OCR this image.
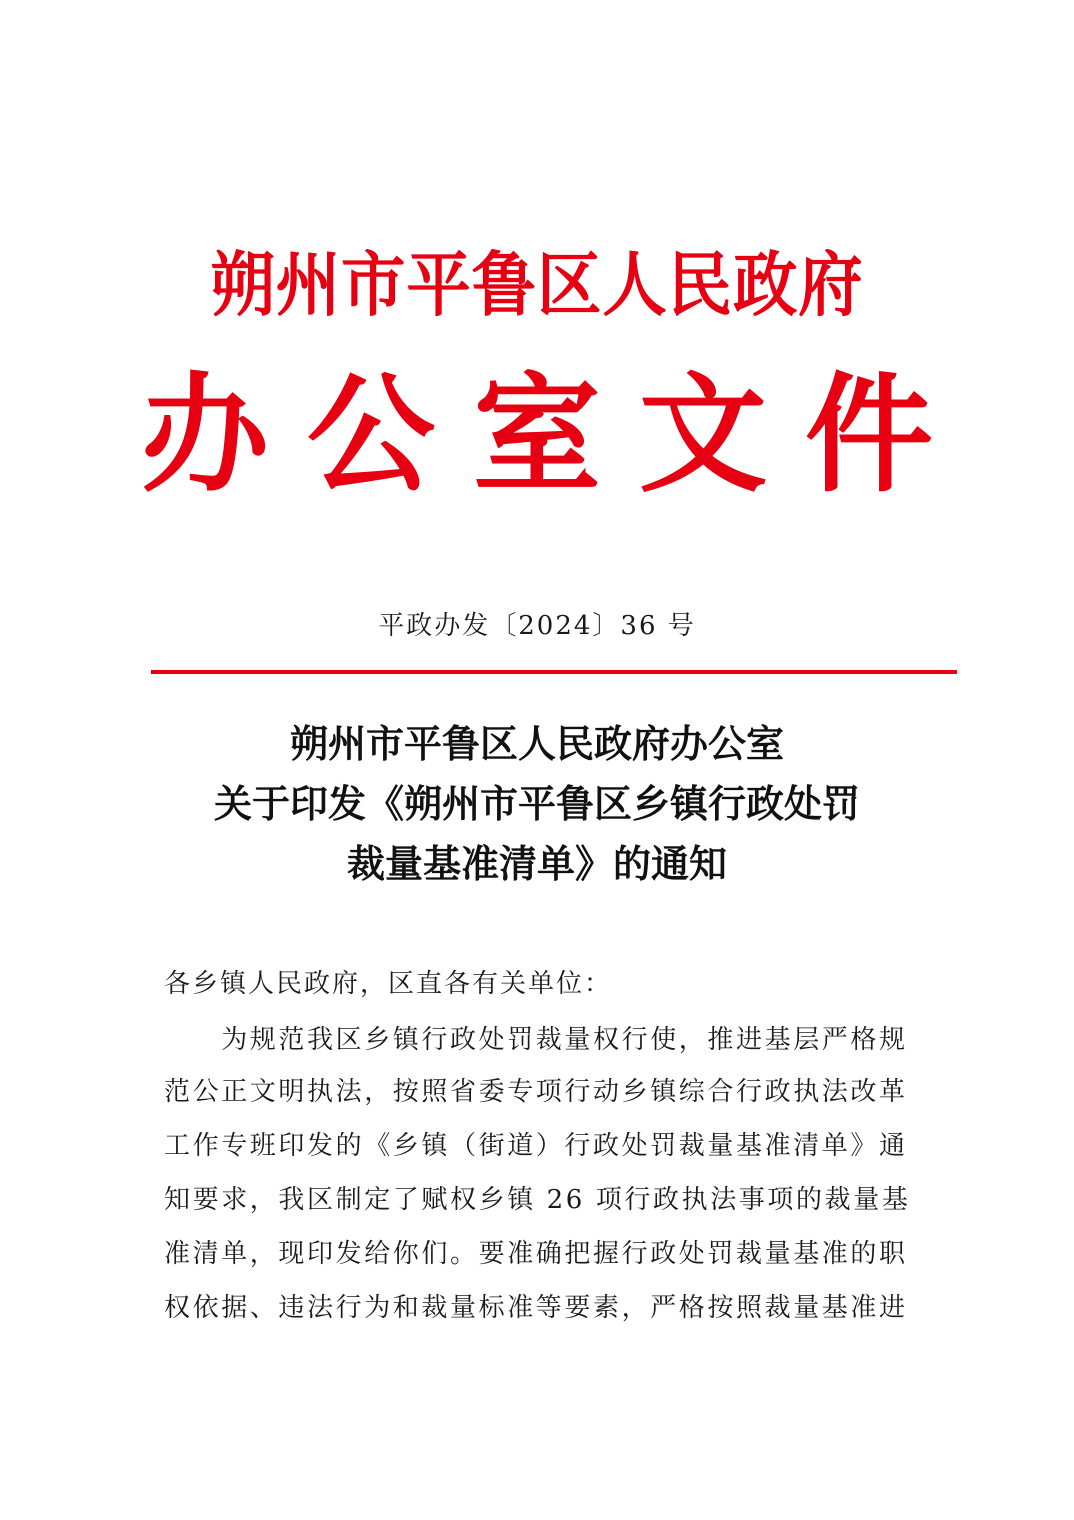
朔州市平鲁区人民政府
办公室文件
平政办发〔2024〕36 号
朔州市平鲁区人民政府办公室
关于印发《朔州市平鲁区乡镇行政处罚
裁量基准清单》的通知
各乡镇人民政府，区直各有关单位：
　　为规范我区乡镇行政处罚裁量权行使，推进基层严格规
范公正文明执法，按照省委专项行动乡镇综合行政执法改革
工作专班印发的《乡镇（街道）行政处罚裁量基准清单》通
知要求，我区制定了赋权乡镇 26 项行政执法事项的裁量基
准清单，现印发给你们。要准确把握行政处罚裁量基准的职
权依据、违法行为和裁量标准等要素，严格按照裁量基准进
